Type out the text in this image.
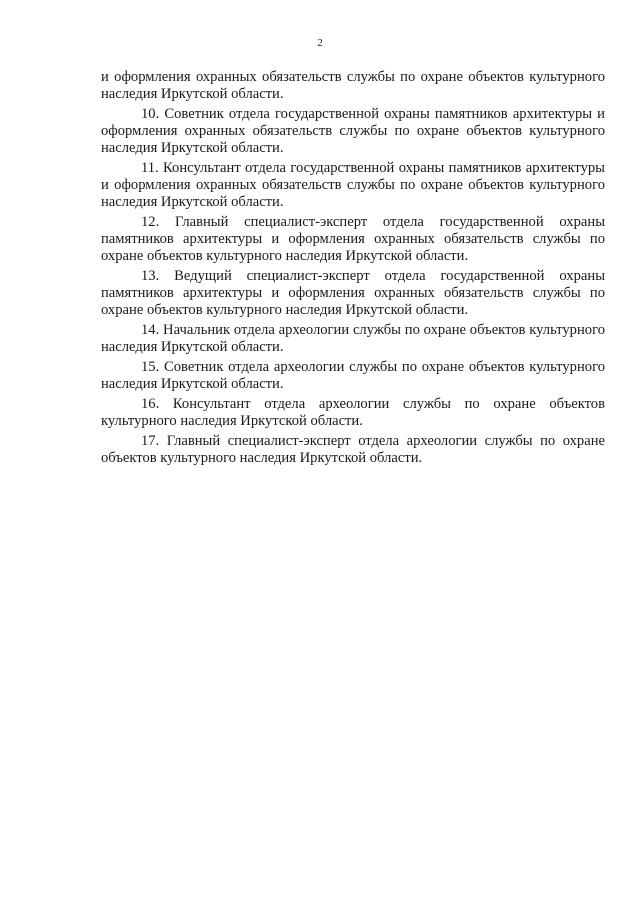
2

и оформления охранных обязательств службы по охране объектов культурного наследия Иркутской области.

10. Советник отдела государственной охраны памятников архитектуры и оформления охранных обязательств службы по охране объектов культурного наследия Иркутской области.

11. Консультант отдела государственной охраны памятников архитектуры и оформления охранных обязательств службы по охране объектов культурного наследия Иркутской области.

12. Главный специалист-эксперт отдела государственной охраны памятников архитектуры и оформления охранных обязательств службы по охране объектов культурного наследия Иркутской области.

13. Ведущий специалист-эксперт отдела государственной охраны памятников архитектуры и оформления охранных обязательств службы по охране объектов культурного наследия Иркутской области.

14. Начальник отдела археологии службы по охране объектов культурного наследия Иркутской области.

15. Советник отдела археологии службы по охране объектов культурного наследия Иркутской области.

16. Консультант отдела археологии службы по охране объектов культурного наследия Иркутской области.

17. Главный специалист-эксперт отдела археологии службы по охране объектов культурного наследия Иркутской области.
